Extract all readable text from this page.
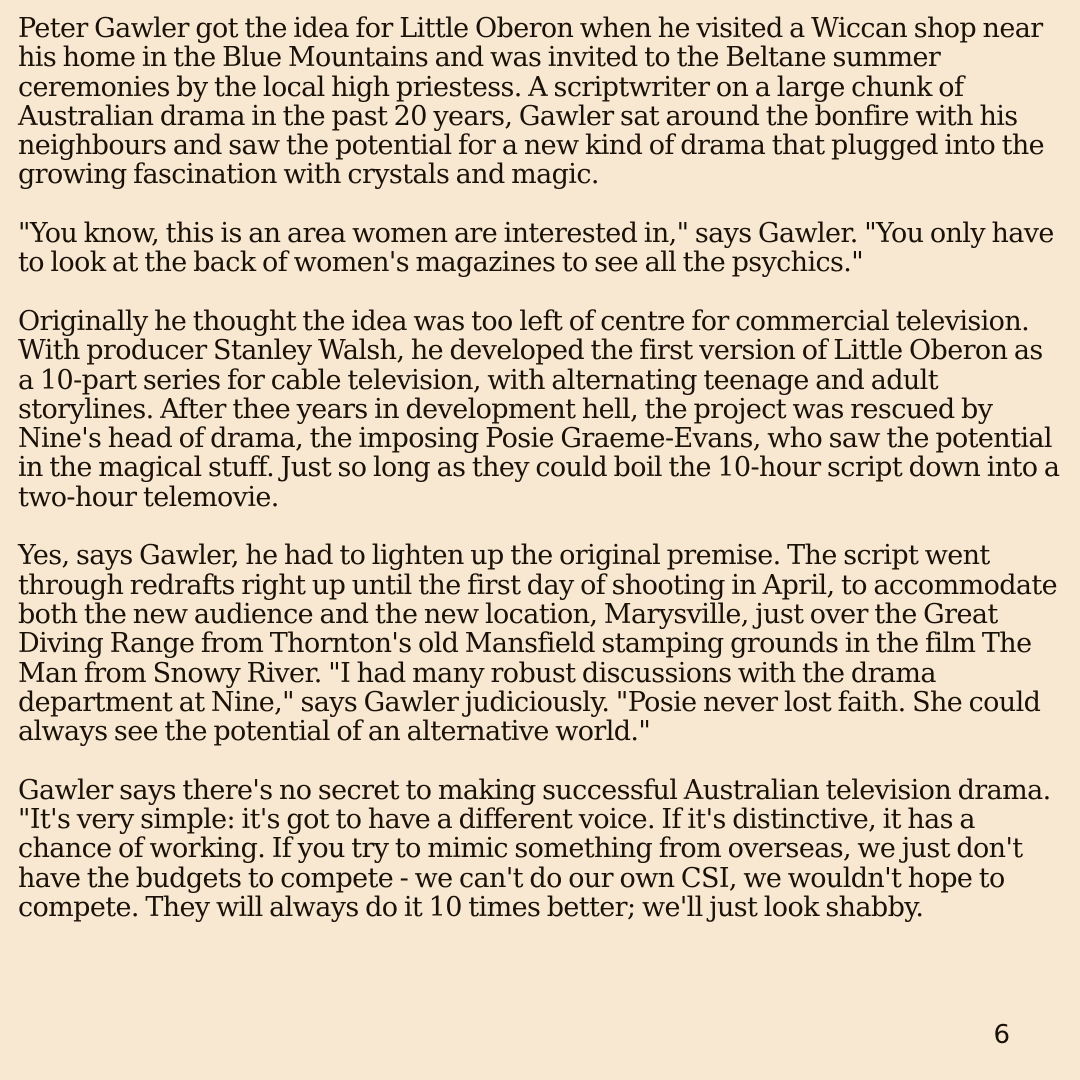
Peter Gawler got the idea for Little Oberon when he visited a Wiccan shop near his home in the Blue Mountains and was invited to the Beltane summer ceremonies by the local high priestess. A scriptwriter on a large chunk of Australian drama in the past 20 years, Gawler sat around the bonfire with his neighbours and saw the potential for a new kind of drama that plugged into the growing fascination with crystals and magic.

"You know, this is an area women are interested in," says Gawler. "You only have to look at the back of women's magazines to see all the psychics."

Originally he thought the idea was too left of centre for commercial television. With producer Stanley Walsh, he developed the first version of Little Oberon as a 10-part series for cable television, with alternating teenage and adult storylines. After thee years in development hell, the project was rescued by Nine's head of drama, the imposing Posie Graeme-Evans, who saw the potential in the magical stuff. Just so long as they could boil the 10-hour script down into a two-hour telemovie.

Yes, says Gawler, he had to lighten up the original premise. The script went through redrafts right up until the first day of shooting in April, to accommodate both the new audience and the new location, Marysville, just over the Great Diving Range from Thornton's old Mansfield stamping grounds in the film The Man from Snowy River. "I had many robust discussions with the drama department at Nine," says Gawler judiciously. "Posie never lost faith. She could always see the potential of an alternative world."

Gawler says there's no secret to making successful Australian television drama. "It's very simple: it's got to have a different voice. If it's distinctive, it has a chance of working. If you try to mimic something from overseas, we just don't have the budgets to compete - we can't do our own CSI, we wouldn't hope to compete. They will always do it 10 times better; we'll just look shabby.

6
